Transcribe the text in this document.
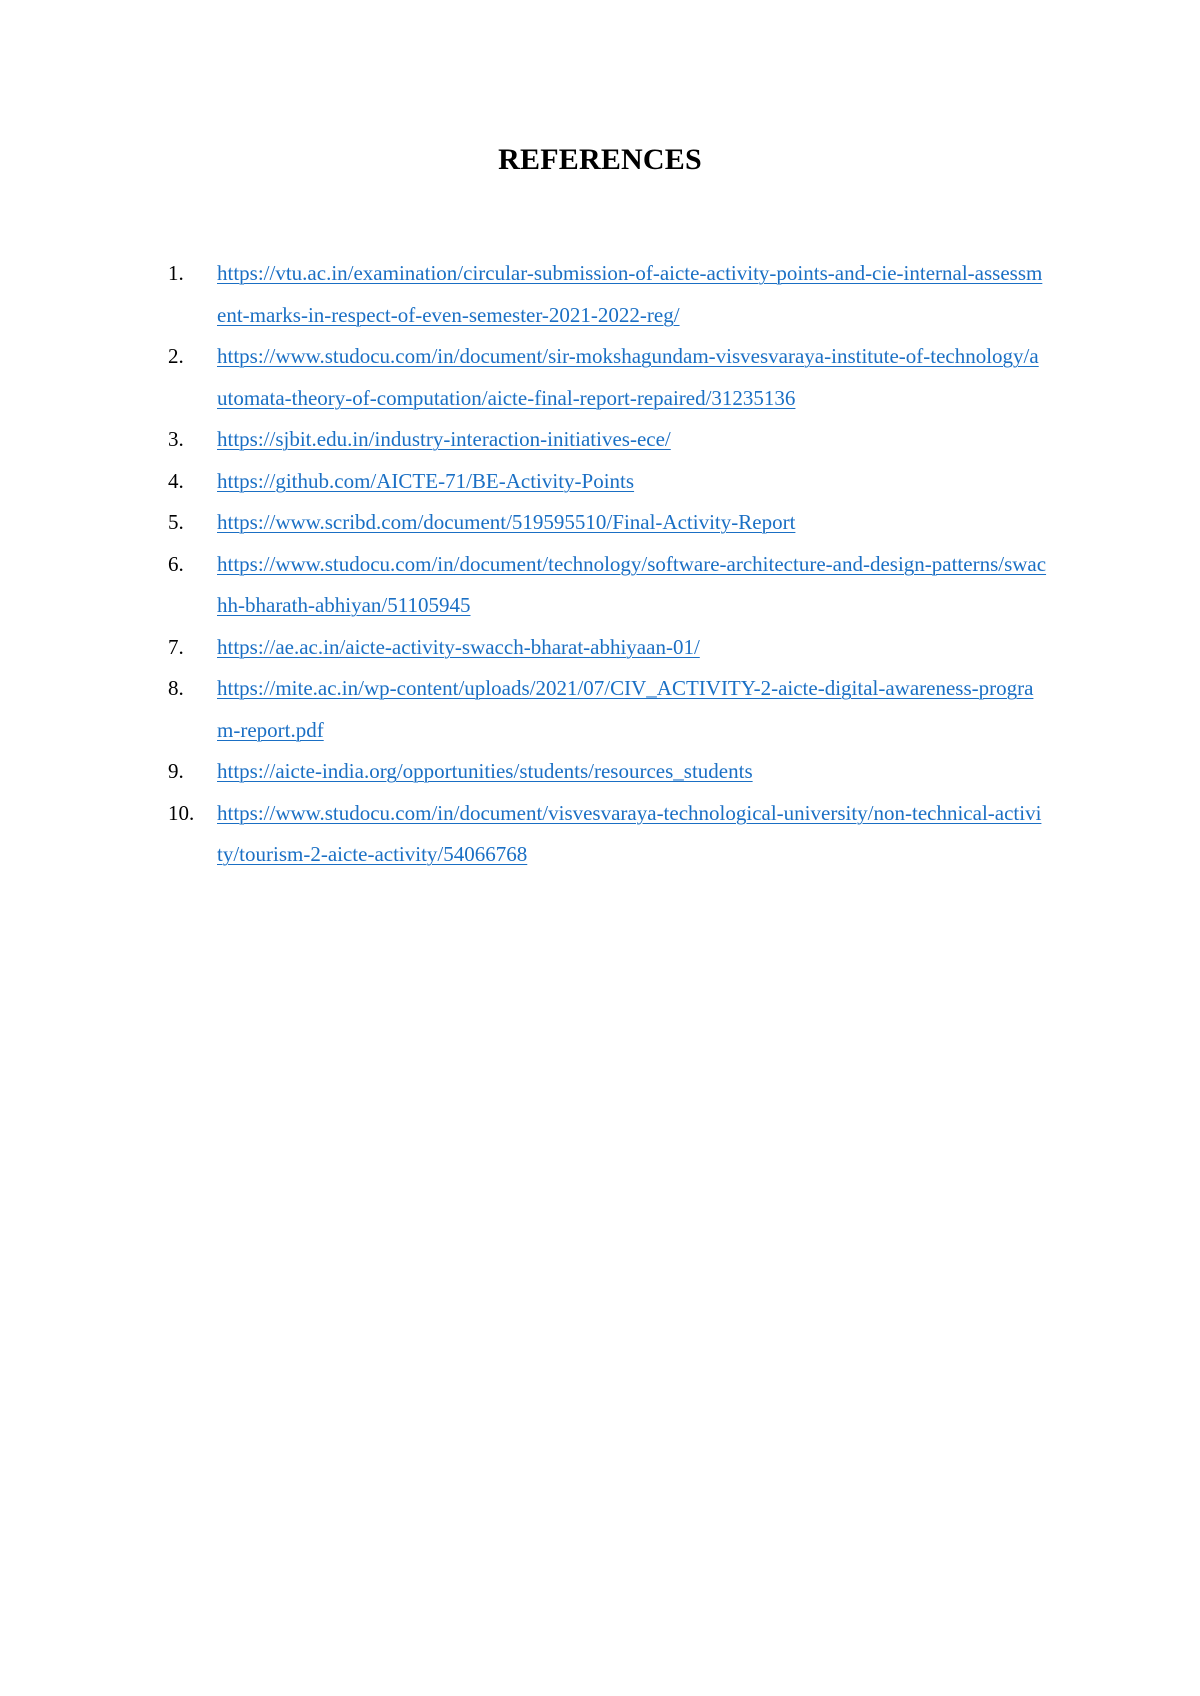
REFERENCES
1.	https://vtu.ac.in/examination/circular-submission-of-aicte-activity-points-and-cie-internal-assessment-marks-in-respect-of-even-semester-2021-2022-reg/
2.	https://www.studocu.com/in/document/sir-mokshagundam-visvesvaraya-institute-of-technology/automata-theory-of-computation/aicte-final-report-repaired/31235136
3.	https://sjbit.edu.in/industry-interaction-initiatives-ece/
4.	https://github.com/AICTE-71/BE-Activity-Points
5.	https://www.scribd.com/document/519595510/Final-Activity-Report
6.	https://www.studocu.com/in/document/technology/software-architecture-and-design-patterns/swachh-bharath-abhiyan/51105945
7.	https://ae.ac.in/aicte-activity-swacch-bharat-abhiyaan-01/
8.	https://mite.ac.in/wp-content/uploads/2021/07/CIV_ACTIVITY-2-aicte-digital-awareness-program-report.pdf
9.	https://aicte-india.org/opportunities/students/resources_students
10.	https://www.studocu.com/in/document/visvesvaraya-technological-university/non-technical-activity/tourism-2-aicte-activity/54066768
